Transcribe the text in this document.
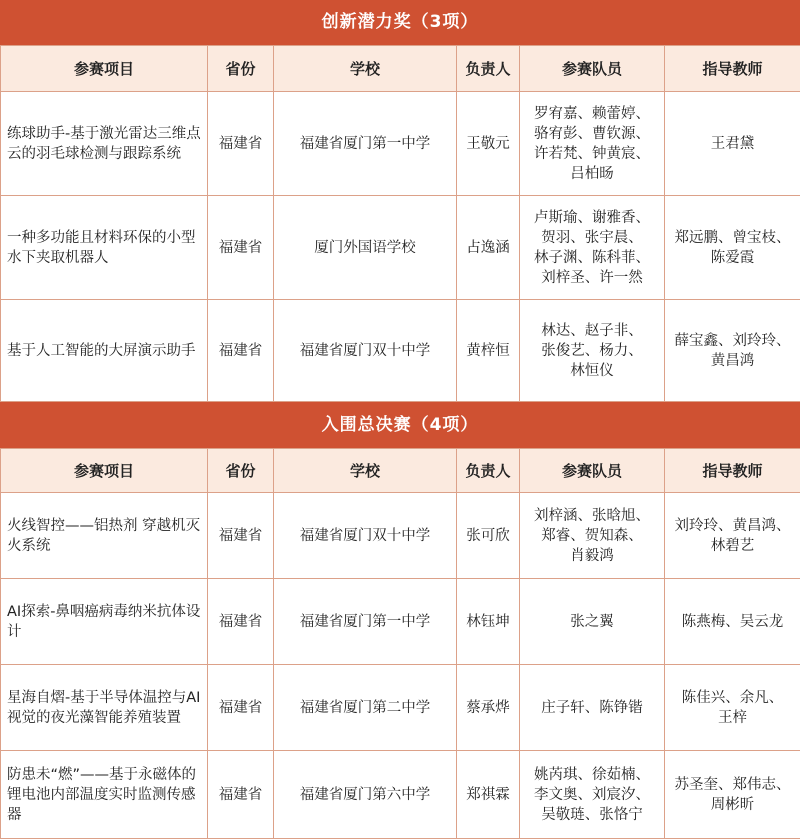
创新潜力奖（3项）
参赛项目	省份	学校	负责人	参赛队员	指导教师
练球助手-基于激光雷达三维点云的羽毛球检测与跟踪系统	福建省	福建省厦门第一中学	王敬元	罗宥嘉、赖蕾婷、
骆宥彭、曹钦源、
许若梵、钟黄宸、
吕柏旸	王君黛
一种多功能且材料环保的小型水下夹取机器人	福建省	厦门外国语学校	占逸涵	卢斯瑜、谢雅香、
贺羽、张宇晨、
林子渊、陈科菲、
刘梓圣、许一然	郑远鹏、曾宝枝、
陈爱霞
基于人工智能的大屏演示助手	福建省	福建省厦门双十中学	黄梓恒	林达、赵子非、
张俊艺、杨力、
林恒仪	薛宝鑫、刘玲玲、
黄昌鸿
入围总决赛（4项）
参赛项目	省份	学校	负责人	参赛队员	指导教师
火线智控——铝热剂 穿越机灭火系统	福建省	福建省厦门双十中学	张可欣	刘梓涵、张晗旭、
郑睿、贺知森、
肖毅鸿	刘玲玲、黄昌鸿、
林碧艺
AI探索-鼻咽癌病毒纳米抗体设计	福建省	福建省厦门第一中学	林钰坤	张之翼	陈燕梅、吴云龙
星海自熠-基于半导体温控与AI视觉的夜光藻智能养殖装置	福建省	福建省厦门第二中学	蔡承烨	庄子轩、陈铮锴	陈佳兴、余凡、
王梓
防患未“燃”——基于永磁体的锂电池内部温度实时监测传感器	福建省	福建省厦门第六中学	郑祺霖	姚芮琪、徐茹楠、
李文奥、刘宸汐、
吴敬琏、张恪宁	苏圣奎、郑伟志、
周彬昕
